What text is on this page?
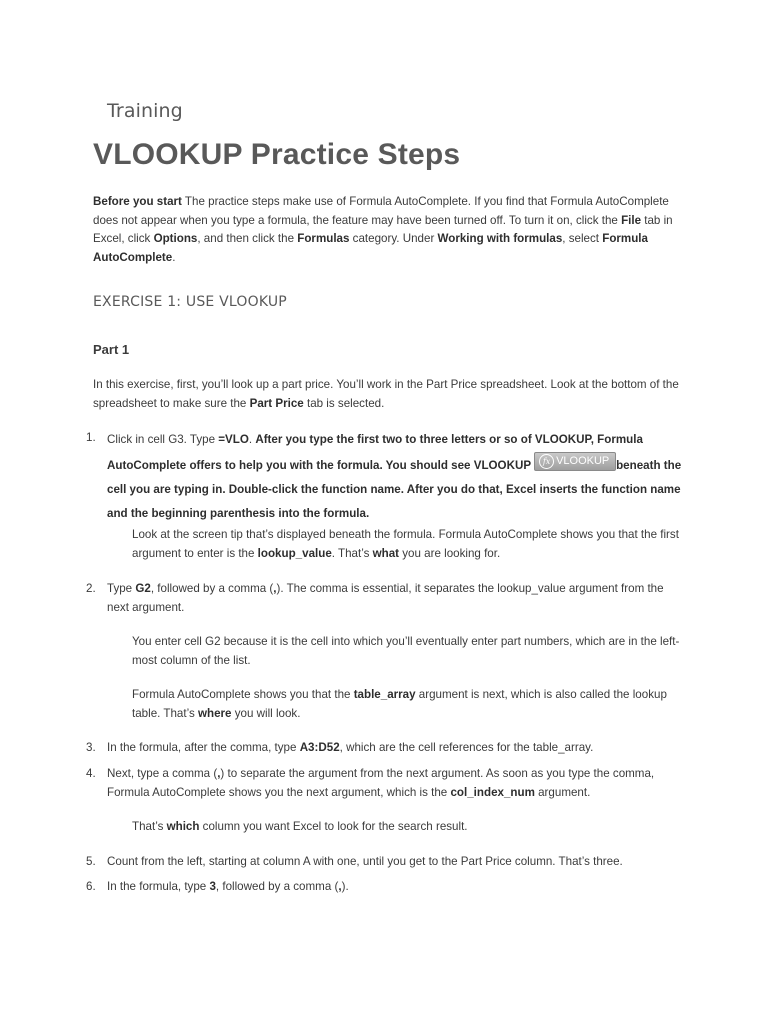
Training
VLOOKUP Practice Steps

Before you start The practice steps make use of Formula AutoComplete. If you find that Formula AutoComplete does not appear when you type a formula, the feature may have been turned off. To turn it on, click the File tab in Excel, click Options, and then click the Formulas category. Under Working with formulas, select Formula AutoComplete.

EXERCISE 1: USE VLOOKUP
Part 1

In this exercise, first, you’ll look up a part price. You’ll work in the Part Price spreadsheet. Look at the bottom of the spreadsheet to make sure the Part Price tab is selected.

1. Click in cell G3. Type =VLO. After you type the first two to three letters or so of VLOOKUP, Formula AutoComplete offers to help you with the formula. You should see VLOOKUP	fx VLOOKUP beneath the cell you are typing in. Double-click the function name. After you do that, Excel inserts the function name and the beginning parenthesis into the formula.

Look at the screen tip that’s displayed beneath the formula. Formula AutoComplete shows you that the first argument to enter is the lookup_value. That’s what you are looking for.

2. Type G2, followed by a comma (,). The comma is essential, it separates the lookup_value argument from the next argument.

You enter cell G2 because it is the cell into which you’ll eventually enter part numbers, which are in the left-most column of the list.

Formula AutoComplete shows you that the table_array argument is next, which is also called the lookup table. That’s where you will look.

3. In the formula, after the comma, type A3:D52, which are the cell references for the table_array.

4. Next, type a comma (,) to separate the argument from the next argument. As soon as you type the comma, Formula AutoComplete shows you the next argument, which is the col_index_num argument.

That’s which column you want Excel to look for the search result.

5. Count from the left, starting at column A with one, until you get to the Part Price column. That’s three.

6. In the formula, type 3, followed by a comma (,).
